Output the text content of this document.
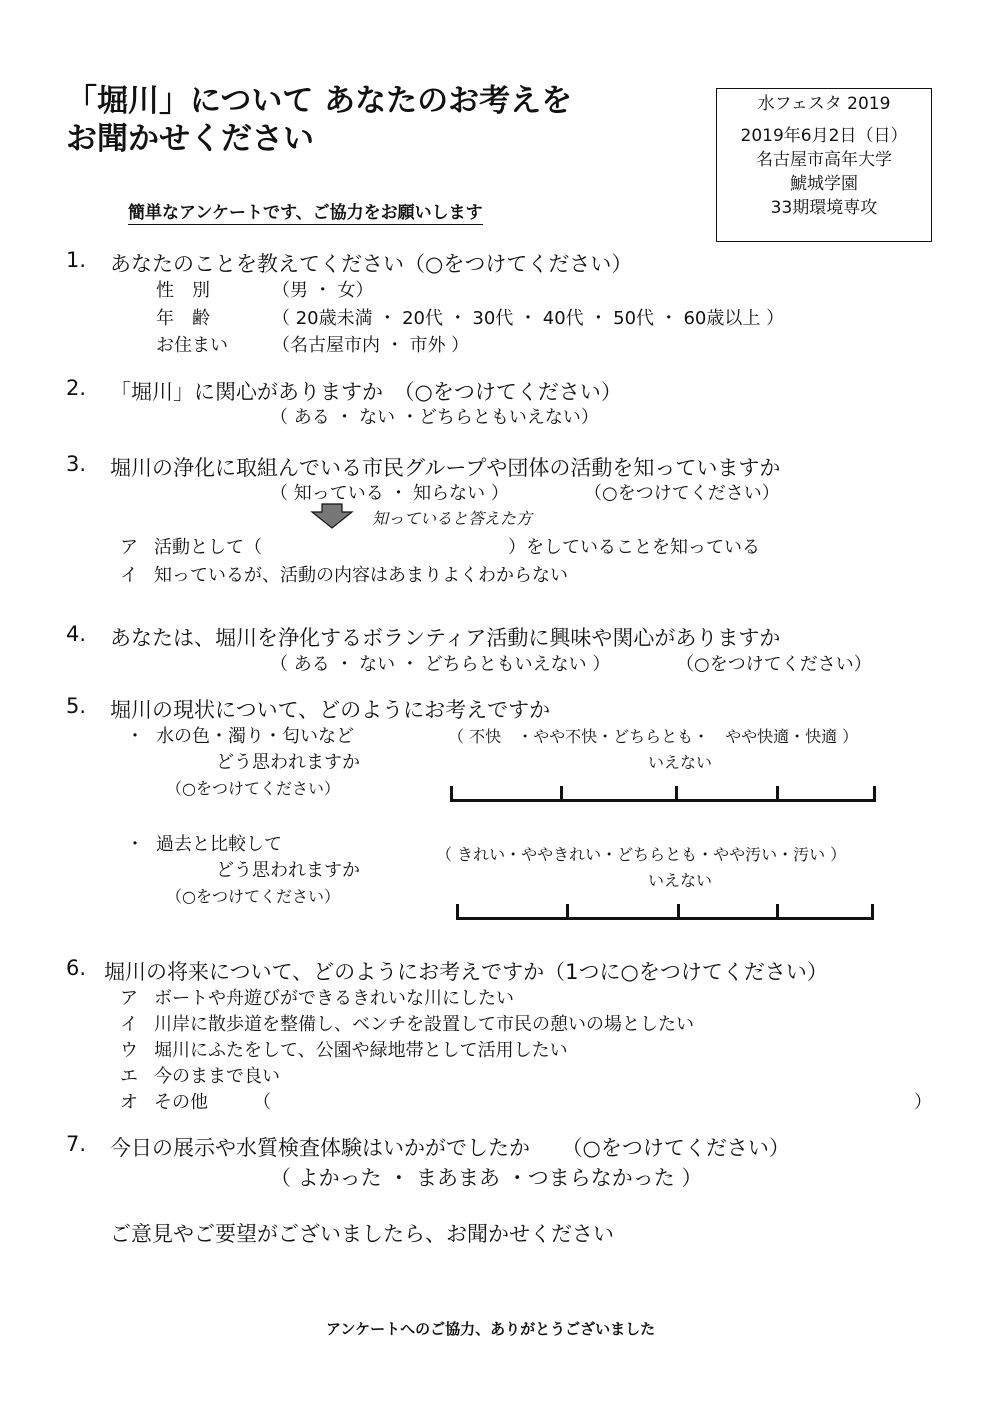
「堀川」について あなたのお考えを
お聞かせください
簡単なアンケートです、ご協力をお願いします
水フェスタ 2019
2019年6月2日（日）
名古屋市高年大学
鯱城学園
33期環境専攻
1. あなたのことを教えてください（○をつけてください）
性　別	（男 ・ 女）
年　齢	（ 20歳未満 ・ 20代 ・ 30代 ・ 40代 ・ 50代 ・ 60歳以上 ）
お住まい （名古屋市内 ・ 市外 ）
2. 「堀川」に関心がありますか　（○をつけてください）
（ ある ・ ない ・どちらともいえない）
3. 堀川の浄化に取組んでいる市民グループや団体の活動を知っていますか
（ 知っている ・ 知らない ）	（○をつけてください）
知っていると答えた方
ア 活動として（	）をしていることを知っている
イ 知っているが、活動の内容はあまりよくわからない
4. あなたは、堀川を浄化するボランティア活動に興味や関心がありますか
（ ある ・ ない ・ どちらともいえない ）	（○をつけてください）
5. 堀川の現状について、どのようにお考えですか
・ 水の色・濁り・匂いなど
どう思われますか
（○をつけてください）
（ 不快　・やや不快・どちらとも・　やや快適・快適 ）
いえない
・ 過去と比較して
どう思われますか
（○をつけてください）
（ きれい・ややきれい・どちらとも・やや汚い・汚い ）
いえない
6. 堀川の将来について、どのようにお考えですか（1つに○をつけてください）
ア ボートや舟遊びができるきれいな川にしたい
イ 川岸に散歩道を整備し、ベンチを設置して市民の憩いの場としたい
ウ 堀川にふたをして、公園や緑地帯として活用したい
エ 今のままで良い
オ その他　　　（	）
7. 今日の展示や水質検査体験はいかがでしたか　　（○をつけてください）
（ よかった ・ まあまあ ・つまらなかった ）
ご意見やご要望がございましたら、お聞かせください
アンケートへのご協力、ありがとうございました
